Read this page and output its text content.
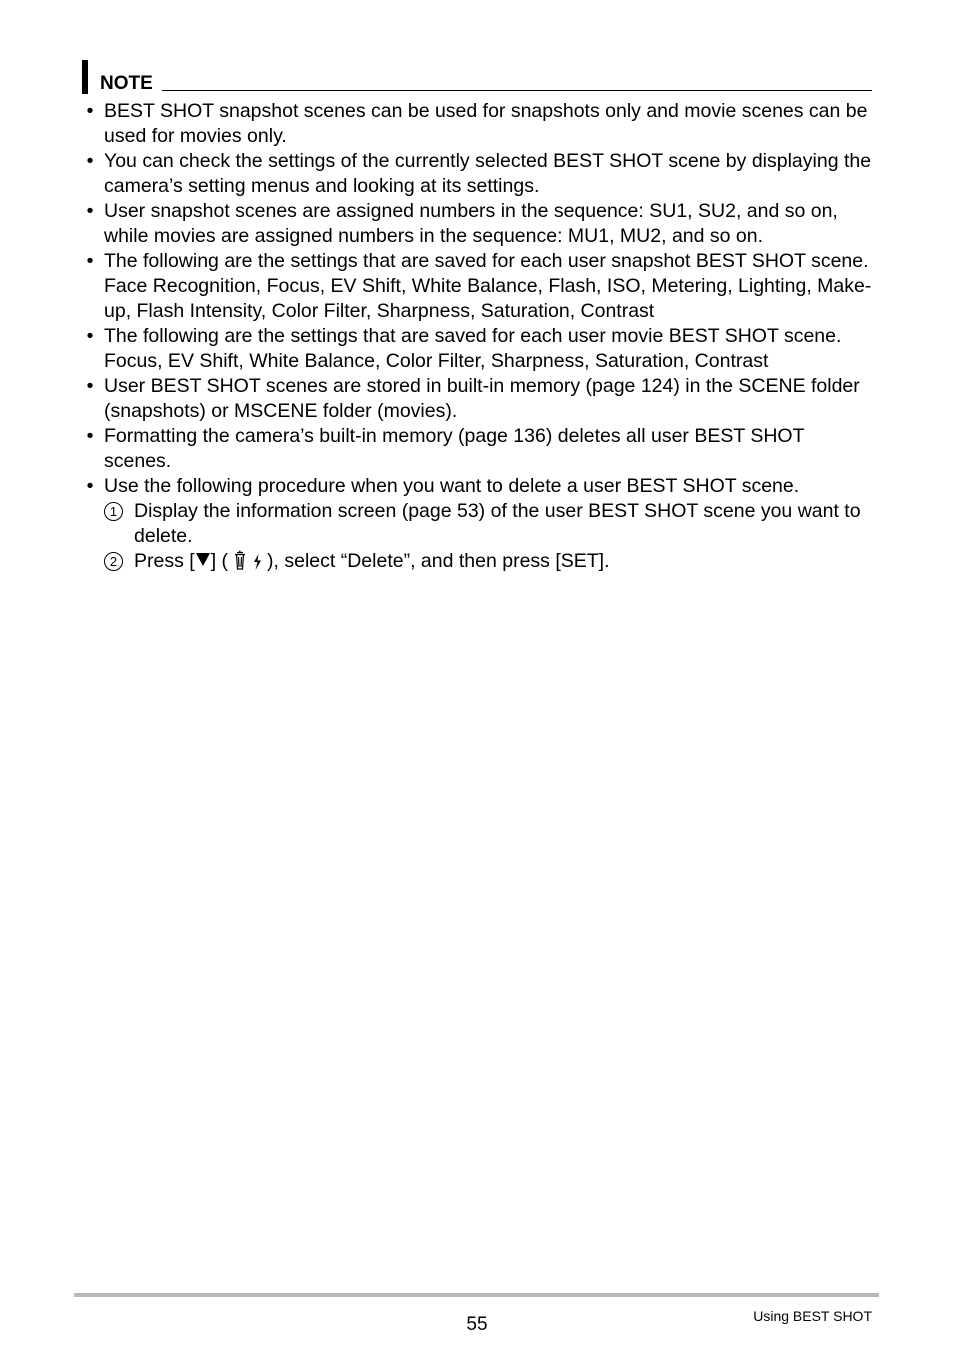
NOTE
• BEST SHOT snapshot scenes can be used for snapshots only and movie scenes can be used for movies only.
• You can check the settings of the currently selected BEST SHOT scene by displaying the camera’s setting menus and looking at its settings.
• User snapshot scenes are assigned numbers in the sequence: SU1, SU2, and so on, while movies are assigned numbers in the sequence: MU1, MU2, and so on.
• The following are the settings that are saved for each user snapshot BEST SHOT scene.
Face Recognition, Focus, EV Shift, White Balance, Flash, ISO, Metering, Lighting, Make-up, Flash Intensity, Color Filter, Sharpness, Saturation, Contrast
• The following are the settings that are saved for each user movie BEST SHOT scene.
Focus, EV Shift, White Balance, Color Filter, Sharpness, Saturation, Contrast
• User BEST SHOT scenes are stored in built-in memory (page 124) in the SCENE folder (snapshots) or MSCENE folder (movies).
• Formatting the camera’s built-in memory (page 136) deletes all user BEST SHOT scenes.
• Use the following procedure when you want to delete a user BEST SHOT scene.
1 Display the information screen (page 53) of the user BEST SHOT scene you want to delete.
2 Press [ ] ( ), select “Delete”, and then press [SET].
55	Using BEST SHOT
